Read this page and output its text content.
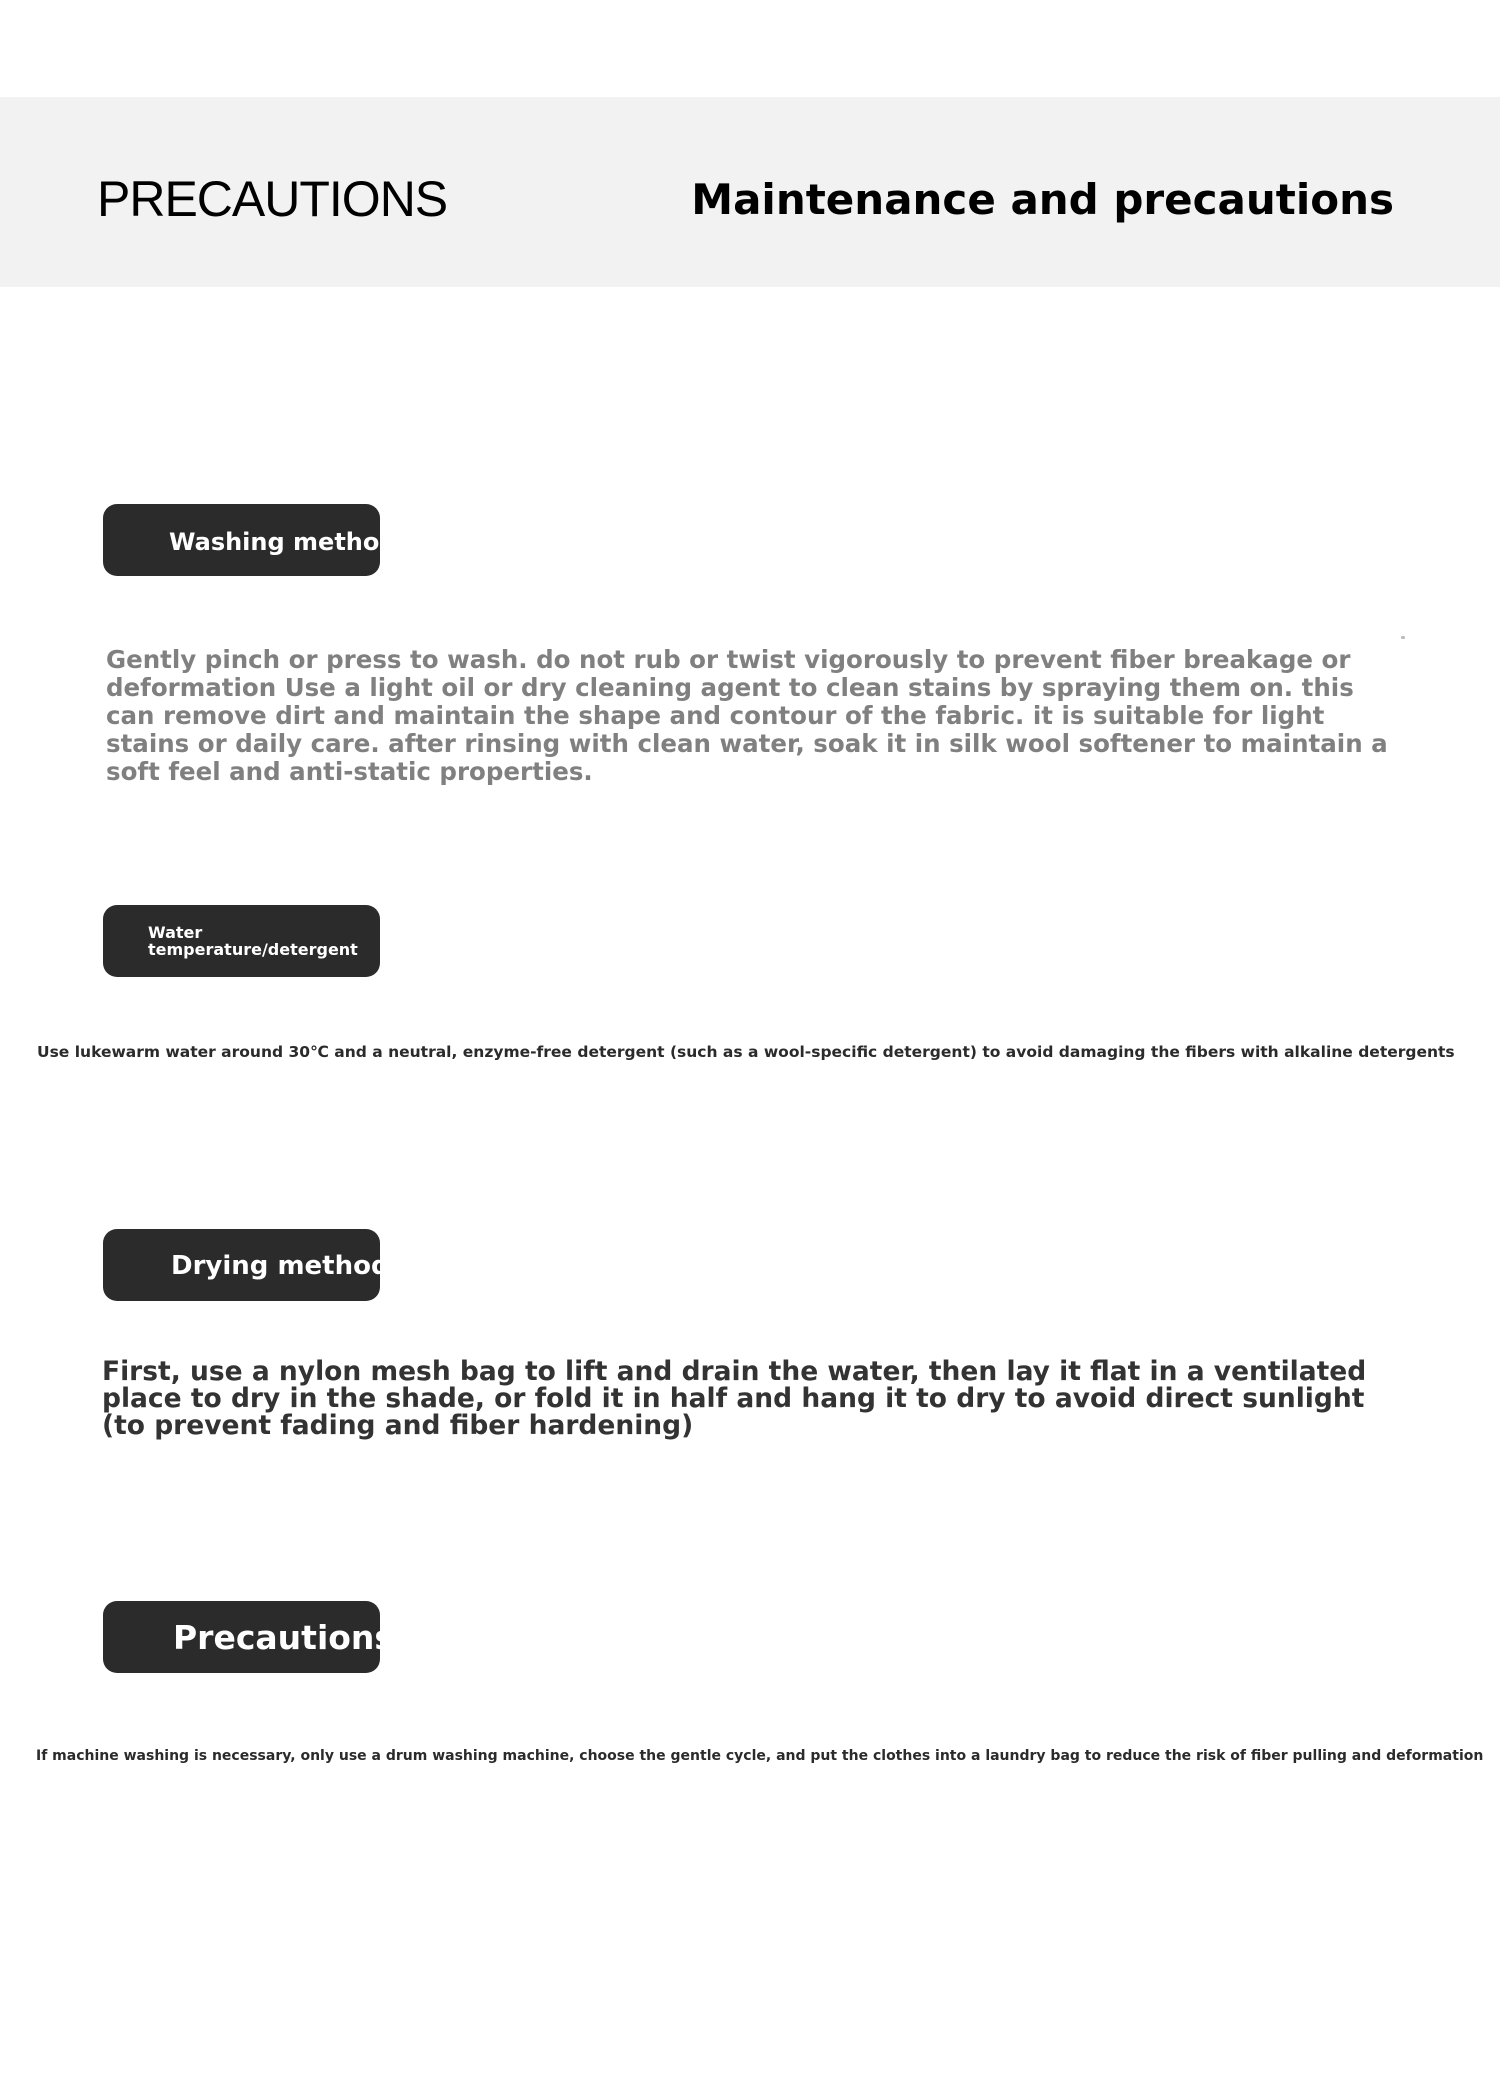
PRECAUTIONS	Maintenance and precautions
Washing method
Gently pinch or press to wash. do not rub or twist vigorously to prevent fiber breakage or deformation Use a light oil or dry cleaning agent to clean stains by spraying them on. this can remove dirt and maintain the shape and contour of the fabric. it is suitable for light stains or daily care. after rinsing with clean water, soak it in silk wool softener to maintain a soft feel and anti-static properties.
Water temperature/detergent
Use lukewarm water around 30℃ and a neutral, enzyme-free detergent (such as a wool-specific detergent) to avoid damaging the fibers with alkaline detergents
Drying method
First, use a nylon mesh bag to lift and drain the water, then lay it flat in a ventilated place to dry in the shade, or fold it in half and hang it to dry to avoid direct sunlight (to prevent fading and fiber hardening)
Precautions
If machine washing is necessary, only use a drum washing machine, choose the gentle cycle, and put the clothes into a laundry bag to reduce the risk of fiber pulling and deformation
